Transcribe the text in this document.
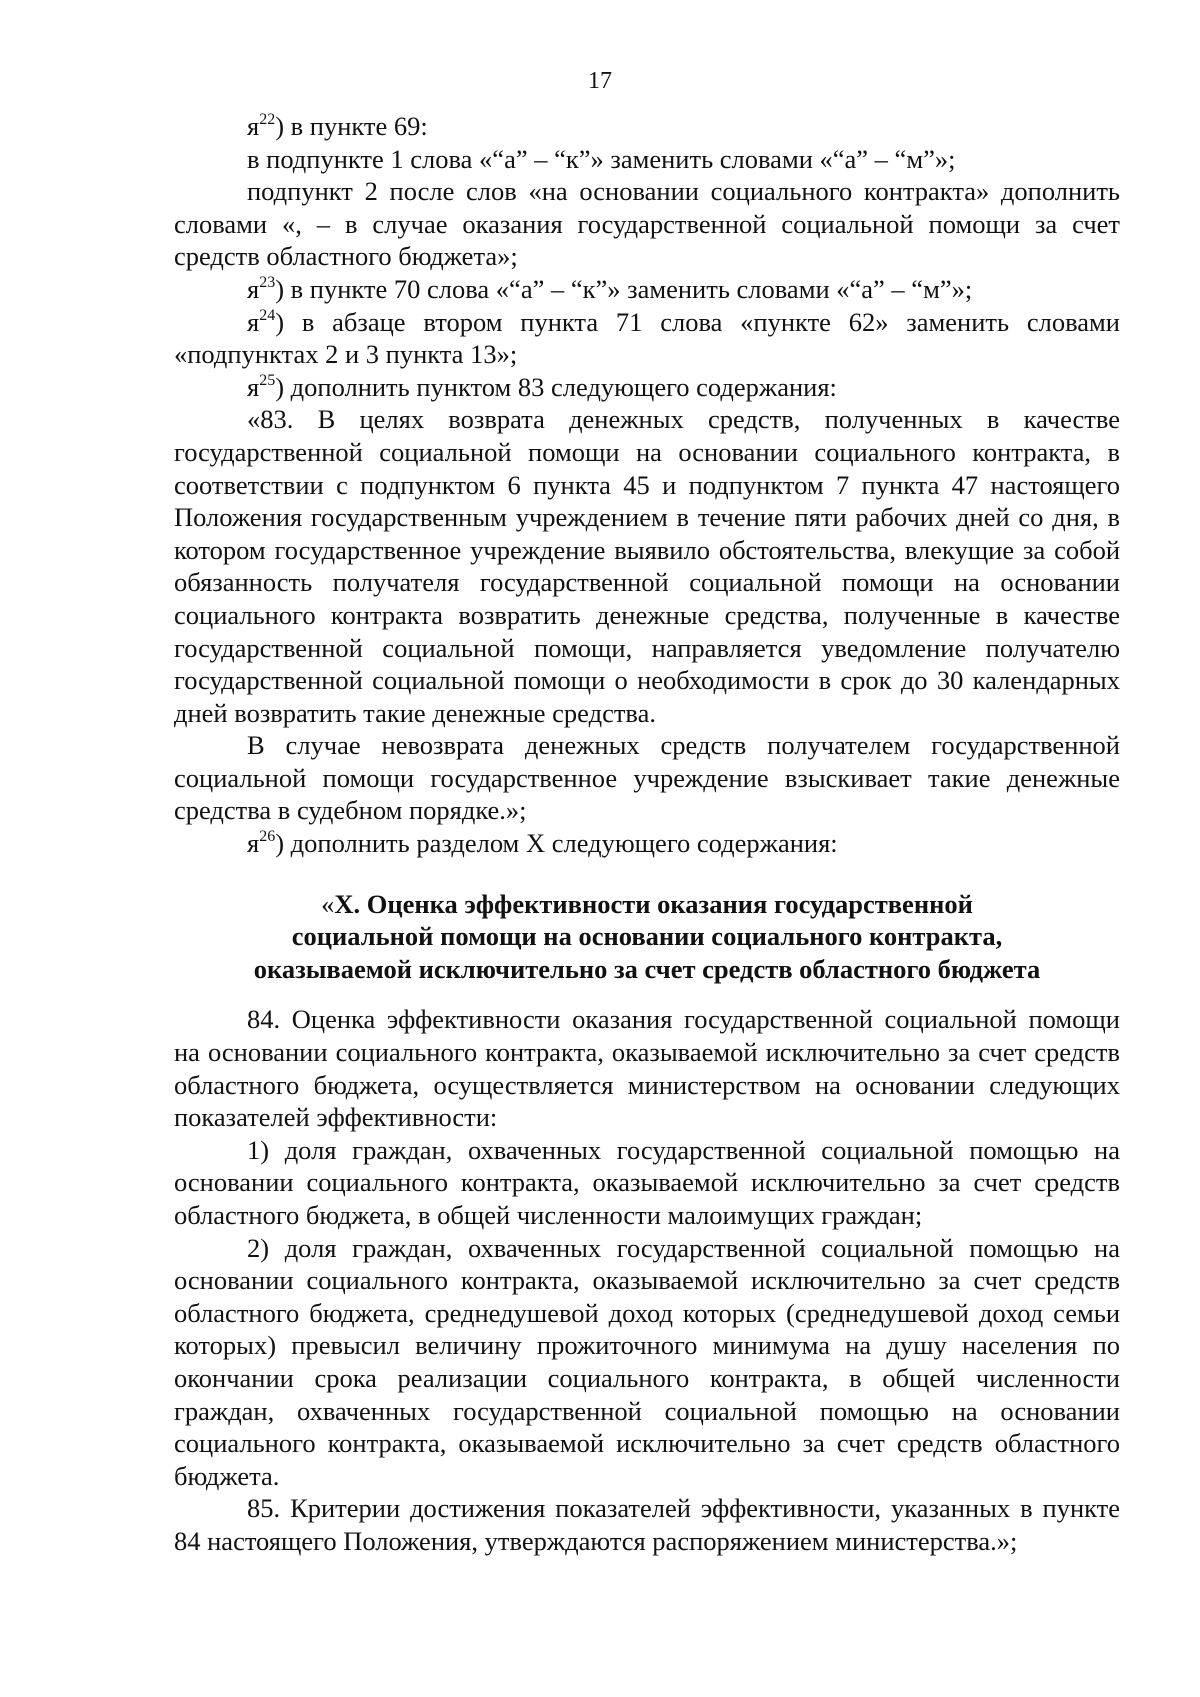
17

$я^{22}$) в пункте 69:

в подпункте 1 слова «“а” – “к”» заменить словами «“а” – “м”»;

подпункт 2 после слов «на основании социального контракта» дополнить словами «, – в случае оказания государственной социальной помощи за счет средств областного бюджета»;

$я^{23}$) в пункте 70 слова «“а” – “к”» заменить словами «“а” – “м”»;

$я^{24}$) в абзаце втором пункта 71 слова «пункте 62» заменить словами «подпунктах 2 и 3 пункта 13»;

$я^{25}$) дополнить пунктом 83 следующего содержания:

«83. В целях возврата денежных средств, полученных в качестве государственной социальной помощи на основании социального контракта, в соответствии с подпунктом 6 пункта 45 и подпунктом 7 пункта 47 настоящего Положения государственным учреждением в течение пяти рабочих дней со дня, в котором государственное учреждение выявило обстоятельства, влекущие за собой обязанность получателя государственной социальной помощи на основании социального контракта возвратить денежные средства, полученные в качестве государственной социальной помощи, направляется уведомление получателю государственной социальной помощи о необходимости в срок до 30 календарных дней возвратить такие денежные средства.

В случае невозврата денежных средств получателем государственной социальной помощи государственное учреждение взыскивает такие денежные средства в судебном порядке.»;

$я^{26}$) дополнить разделом X следующего содержания:

«X. Оценка эффективности оказания государственной
социальной помощи на основании социального контракта,
оказываемой исключительно за счет средств областного бюджета

84. Оценка эффективности оказания государственной социальной помощи на основании социального контракта, оказываемой исключительно за счет средств областного бюджета, осуществляется министерством на основании следующих показателей эффективности:

1) доля граждан, охваченных государственной социальной помощью на основании социального контракта, оказываемой исключительно за счет средств областного бюджета, в общей численности малоимущих граждан;

2) доля граждан, охваченных государственной социальной помощью на основании социального контракта, оказываемой исключительно за счет средств областного бюджета, среднедушевой доход которых (среднедушевой доход семьи которых) превысил величину прожиточного минимума на душу населения по окончании срока реализации социального контракта, в общей численности граждан, охваченных государственной социальной помощью на основании социального контракта, оказываемой исключительно за счет средств областного бюджета.

85. Критерии достижения показателей эффективности, указанных в пункте 84 настоящего Положения, утверждаются распоряжением министерства.»;
